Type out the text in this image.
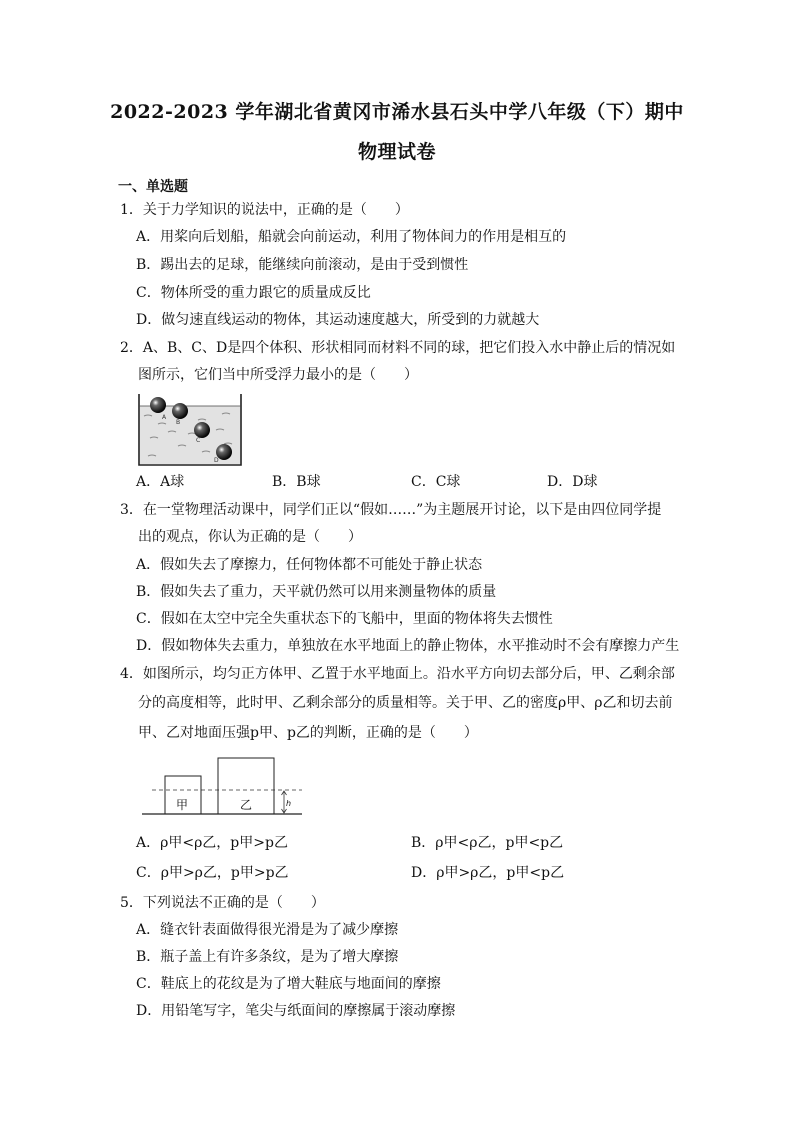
2022-2023 学年湖北省黄冈市浠水县石头中学八年级（下）期中
物理试卷
一、单选题
1．关于力学知识的说法中，正确的是（　　）
A．用桨向后划船，船就会向前运动，利用了物体间力的作用是相互的
B．踢出去的足球，能继续向前滚动，是由于受到惯性
C．物体所受的重力跟它的质量成反比
D．做匀速直线运动的物体，其运动速度越大，所受到的力就越大
2．A、B、C、D是四个体积、形状相同而材料不同的球，把它们投入水中静止后的情况如
图所示，它们当中所受浮力最小的是（　　）
A
B
C
D
A．A球	B．B球	C．C球	D．D球
3．在一堂物理活动课中，同学们正以“假如……”为主题展开讨论，以下是由四位同学提
出的观点，你认为正确的是（　　）
A．假如失去了摩擦力，任何物体都不可能处于静止状态
B．假如失去了重力，天平就仍然可以用来测量物体的质量
C．假如在太空中完全失重状态下的飞船中，里面的物体将失去惯性
D．假如物体失去重力，单独放在水平地面上的静止物体，水平推动时不会有摩擦力产生
4．如图所示，均匀正方体甲、乙置于水平地面上。沿水平方向切去部分后，甲、乙剩余部
分的高度相等，此时甲、乙剩余部分的质量相等。关于甲、乙的密度ρ甲、ρ乙和切去前
甲、乙对地面压强p甲、p乙的判断，正确的是（　　）
甲	乙	h
A．ρ甲<ρ乙，p甲>p乙	B．ρ甲<ρ乙，p甲<p乙
C．ρ甲>ρ乙，p甲>p乙	D．ρ甲>ρ乙，p甲<p乙
5．下列说法不正确的是（　　）
A．缝衣针表面做得很光滑是为了减少摩擦
B．瓶子盖上有许多条纹，是为了增大摩擦
C．鞋底上的花纹是为了增大鞋底与地面间的摩擦
D．用铅笔写字，笔尖与纸面间的摩擦属于滚动摩擦
